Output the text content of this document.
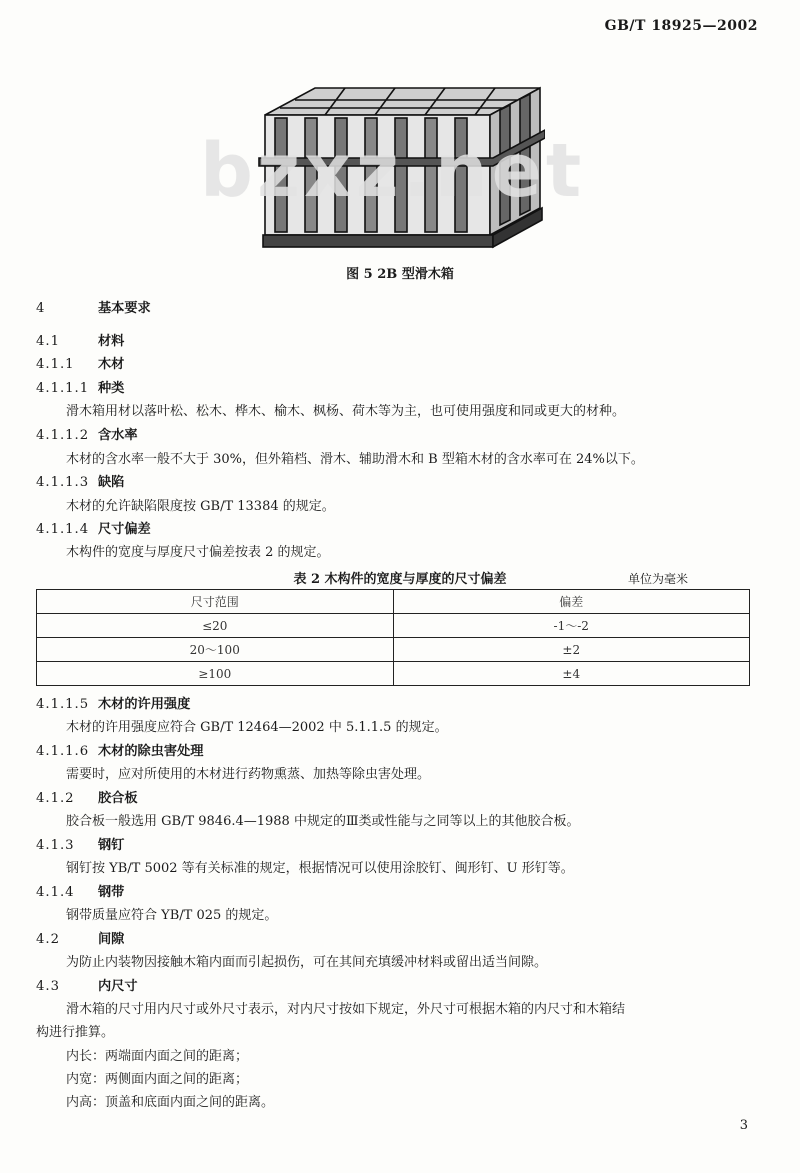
GB/T 18925—2002
bzxz.net
图 5 2B 型滑木箱
4	基本要求
4.1	材料
4.1.1 木材
4.1.1.1 种类
滑木箱用材以落叶松、松木、桦木、榆木、枫杨、荷木等为主，也可使用强度和同或更大的材种。
4.1.1.2 含水率
木材的含水率一般不大于 30%，但外箱档、滑木、辅助滑木和 B 型箱木材的含水率可在 24%以下。
4.1.1.3 缺陷
木材的允许缺陷限度按 GB/T 13384 的规定。
4.1.1.4 尺寸偏差
木构件的宽度与厚度尺寸偏差按表 2 的规定。
表 2 木构件的宽度与厚度的尺寸偏差	单位为毫米
尺寸范围	偏差
≤20	-1～-2
20～100	±2
≥100	±4
4.1.1.5 木材的许用强度
木材的许用强度应符合 GB/T 12464—2002 中 5.1.1.5 的规定。
4.1.1.6 木材的除虫害处理
需要时，应对所使用的木材进行药物熏蒸、加热等除虫害处理。
4.1.2 胶合板
胶合板一般选用 GB/T 9846.4—1988 中规定的Ⅲ类或性能与之同等以上的其他胶合板。
4.1.3 钢钉
钢钉按 YB/T 5002 等有关标准的规定，根据情况可以使用涂胶钉、闽形钉、U 形钉等。
4.1.4 钢带
钢带质量应符合 YB/T 025 的规定。
4.2	间隙
为防止内装物因接触木箱内面而引起损伤，可在其间充填缓冲材料或留出适当间隙。
4.3	内尺寸
滑木箱的尺寸用内尺寸或外尺寸表示，对内尺寸按如下规定，外尺寸可根据木箱的内尺寸和木箱结
构进行推算。
内长：两端面内面之间的距离；
内宽：两侧面内面之间的距离；
内高：顶盖和底面内面之间的距离。
3
